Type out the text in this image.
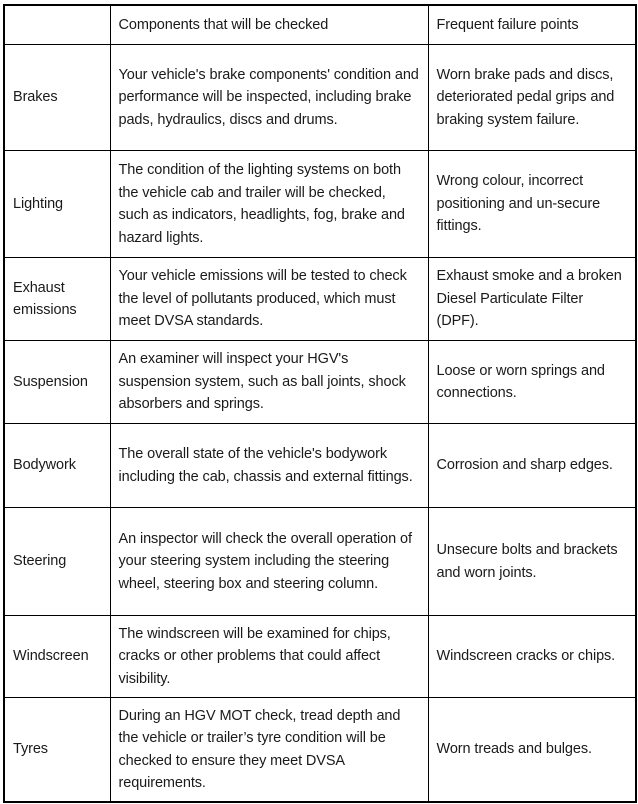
	Components that will be checked	Frequent failure points
Brakes	Your vehicle's brake components' condition and performance will be inspected, including brake pads, hydraulics, discs and drums.	Worn brake pads and discs, deteriorated pedal grips and braking system failure.
Lighting	The condition of the lighting systems on both the vehicle cab and trailer will be checked, such as indicators, headlights, fog, brake and hazard lights.	Wrong colour, incorrect positioning and un-secure fittings.
Exhaust emissions	Your vehicle emissions will be tested to check the level of pollutants produced, which must meet DVSA standards.	Exhaust smoke and a broken Diesel Particulate Filter (DPF).
Suspension	An examiner will inspect your HGV's suspension system, such as ball joints, shock absorbers and springs.	Loose or worn springs and connections.
Bodywork	The overall state of the vehicle's bodywork including the cab, chassis and external fittings.	Corrosion and sharp edges.
Steering	An inspector will check the overall operation of your steering system including the steering wheel, steering box and steering column.	Unsecure bolts and brackets and worn joints.
Windscreen	The windscreen will be examined for chips, cracks or other problems that could affect visibility.	Windscreen cracks or chips.
Tyres	During an HGV MOT check, tread depth and the vehicle or trailer’s tyre condition will be checked to ensure they meet DVSA requirements.	Worn treads and bulges.
